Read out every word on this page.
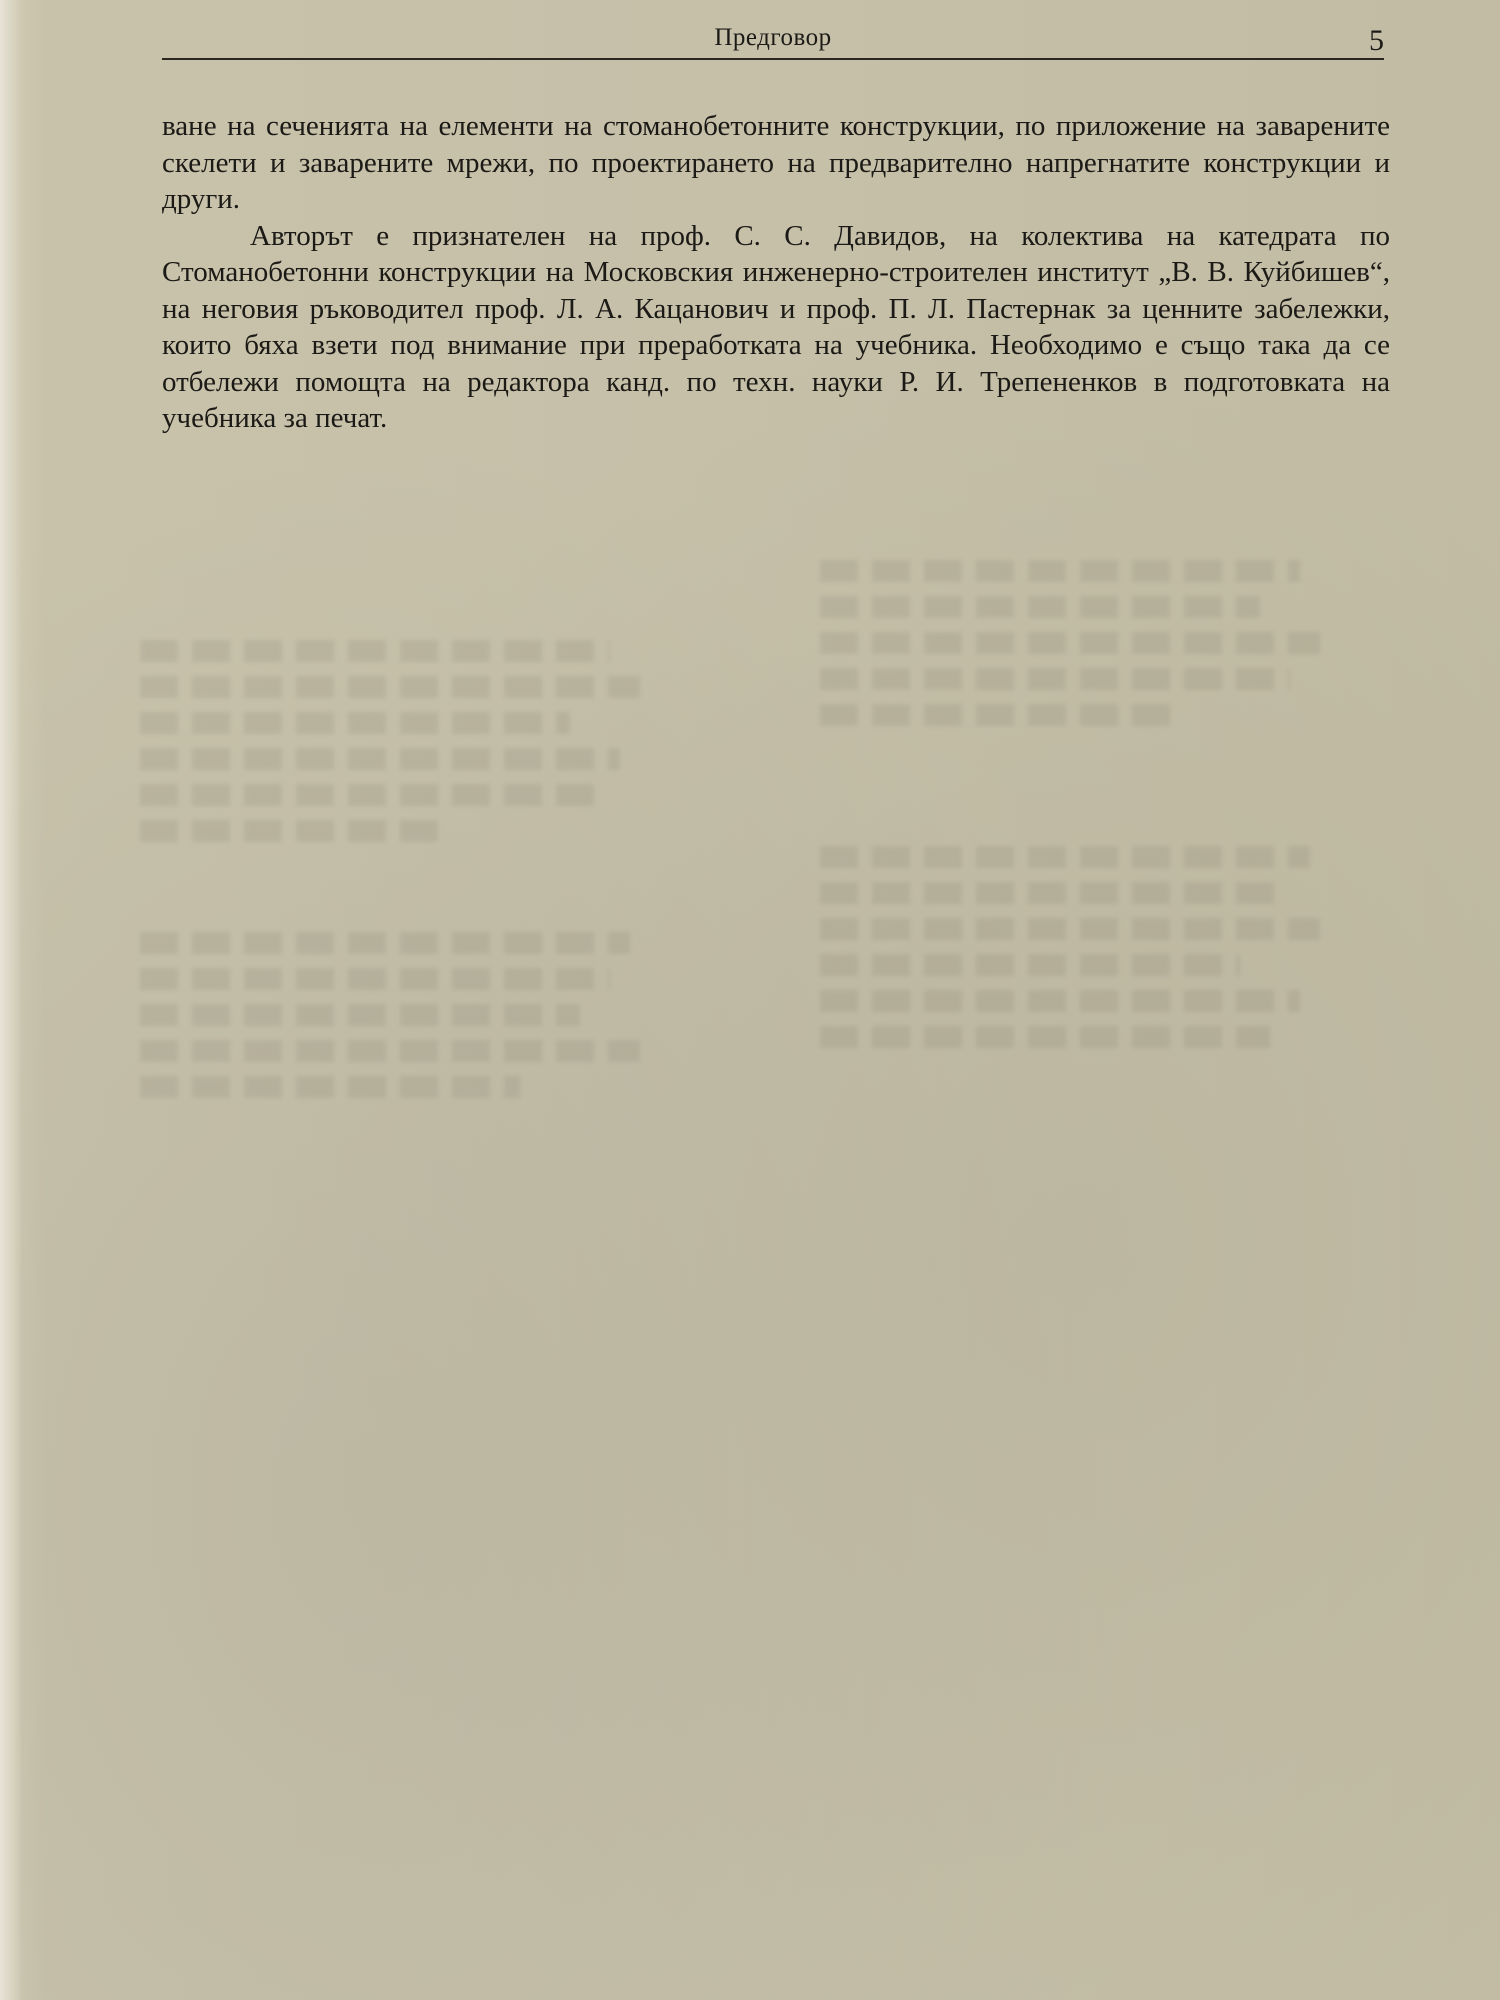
Предговор	5

ване на сеченията на елементи на стоманобетонните конструкции, по приложение на заварените скелети и заварените мрежи, по проектирането на предварително напрегнатите конструкции и други.

Авторът е признателен на проф. С. С. Давидов, на колектива на катедрата по Стоманобетонни конструкции на Московския инженерно-строителен институт „В. В. Куйбишев“, на неговия ръководител проф. Л. А. Кацанович и проф. П. Л. Пастернак за ценните забележки, които бяха взети под внимание при преработката на учебника. Необходимо е също така да се отбележи помощта на редактора канд. по техн. науки Р. И. Трепененков в подготовката на учебника за печат.
